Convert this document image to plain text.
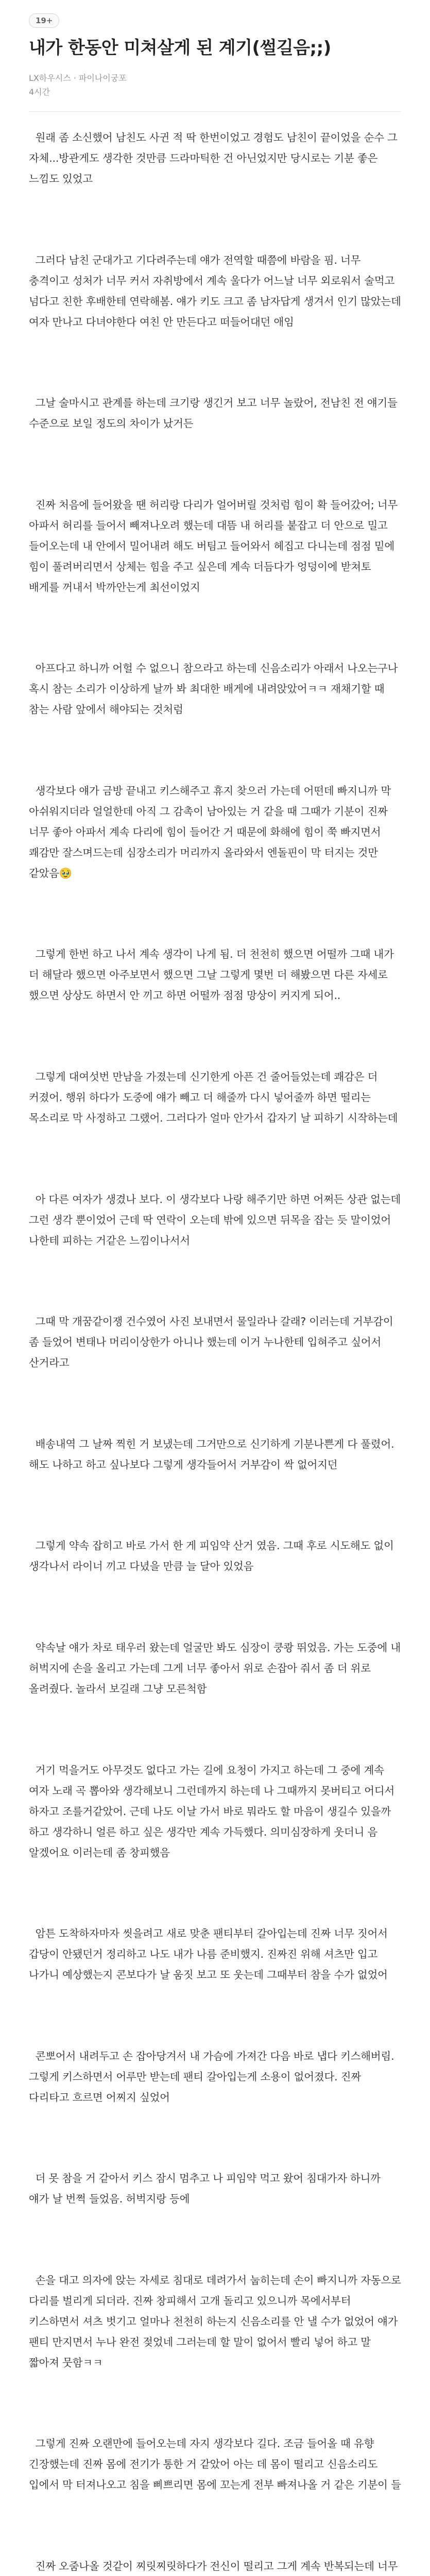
19+
내가 한동안 미쳐살게 된 계기(썰길음;;)
LX하우시스 · 파이나이궁포
4시간

원래 좀 소신했어 남친도 사귄 적 딱 한번이었고 경험도 남친이 끝이었을 순수 그 자체...방관게도 생각한 것만큼 드라마틱한 건 아닌었지만 당시로는 기분 좋은 느낌도 있었고

그러다 남친 군대가고 기다려주는데 얘가 전역할 때쯤에 바람을 핌. 너무 충격이고 성처가 너무 커서 자취방에서 계속 울다가 어느날 너무 외로워서 술먹고 넘다고 친한 후배한테 연락해봄. 얘가 키도 크고 좀 남자답게 생겨서 인기 많았는데 여자 만나고 다녀야한다 여친 안 만든다고 떠들어대던 애임

그날 술마시고 관계를 하는데 크기랑 생긴거 보고 너무 놀랐어, 전남친 전 얘기들 수준으로 보일 정도의 차이가 났거든

진짜 처음에 들어왔을 땐 허리랑 다리가 얼어버릴 것처럼 힘이 확 들어갔어; 너무 아파서 허리를 들어서 빼져나오려 했는데 대뜸 내 허리를 붙잡고 더 안으로 밀고 들어오는데 내 안에서 밀어내려 해도 버팀고 들어와서 헤집고 다니는데 점점 밑에 힘이 풀려버리면서 상체는 힘을 주고 싶은데 계속 더듬다가 엉덩이에 받쳐토 배게를 꺼내서 박까안는게 최선이었지

아프다고 하니까 어헐 수 없으니 참으라고 하는데 신음소리가 아래서 나오는구나 혹시 참는 소리가 이상하게 날까 봐 최대한 배게에 내려앉았어ㅋㅋ 재채기할 때 참는 사람 앞에서 해야되는 것처럼

생각보다 얘가 금방 끝내고 키스해주고 휴지 찾으러 가는데 어떤데 빠지니까 막 아쉬워지더라 얼얼한데 아직 그 감촉이 남아있는 거 같을 때 그때가 기분이 진짜 너무 좋아 아파서 계속 다리에 힘이 들어간 거 때문에 화해에 힘이 쭉 빠지면서 쾌감만 잘스며드는데 심장소리가 머리까지 올라와서 엔돌핀이 막 터지는 것만 같았음🥹

그렇게 한번 하고 나서 계속 생각이 나게 됨. 더 천천히 했으면 어떨까 그때 내가 더 해달라 했으면 아주보면서 했으면 그날 그렇게 몇번 더 해봤으면 다른 자세로 했으면 상상도 하면서 안 끼고 하면 어떨까 점점 망상이 커지게 되어..

그렇게 대여섯번 만남을 가졌는데 신기한게 아픈 건 줄어들었는데 쾌감은 더 커졌어. 행위 하다가 도중에 얘가 빼고 더 해줄까 다시 넣어줄까 하면 떨리는 목소리로 막 사정하고 그랬어. 그러다가 얼마 안가서 갑자기 날 피하기 시작하는데

아 다른 여자가 생겼나 보다. 이 생각보다 나랑 해주기만 하면 어쩌든 상관 없는데 그런 생각 뿐이었어 근데 딱 연락이 오는데 밖에 있으면 뒤목을 잡는 듯 말이었어 나한테 피하는 거같은 느낌이나서서

그때 막 개꿈같이쟁 건수였어 사진 보내면서 물일라나 갈래? 이러는데 거부감이 좀 들었어 변태나 머리이상한가 아니나 했는데 이거 누나한테 입혀주고 싶어서 산거라고

배송내역 그 날짜 찍힌 거 보냈는데 그거만으로 신기하게 기분나쁜게 다 풀렸어. 해도 나하고 하고 싶나보다 그렇게 생각들어서 거부감이 싹 없어지던

그렇게 약속 잡히고 바로 가서 한 게 피임약 산거 였음. 그때 후로 시도해도 없이 생각나서 라이너 끼고 다녔을 만큼 늘 달아 있었음

약속날 얘가 차로 태우러 왔는데 얼굴만 봐도 심장이 쿵쾅 뛰었음. 가는 도중에 내 허벅지에 손을 올리고 가는데 그게 너무 좋아서 위로 손잡아 줘서 좀 더 위로 올려줬다. 놀라서 보길래 그냥 모른척함

거기 먹을거도 아무것도 없다고 가는 길에 요청이 가지고 하는데 그 중에 계속 여자 노래 곡 뽑아와 생각해보니 그런데까지 하는데 나 그때까지 못버티고 어디서 하자고 조를거같았어. 근데 나도 이날 가서 바로 뭐라도 할 마음이 생길수 있을까 하고 생각하니 얼른 하고 싶은 생각만 계속 가득했다. 의미심장하게 웃더니 음 알겠어요 이러는데 좀 창피했음

암튼 도착하자마자 씻을려고 새로 맞춘 팬티부터 갈아입는데 진짜 너무 짓어서 갑당이 안됐던거 정리하고 나도 내가 나름 준비했지. 진짜진 위해 셔츠만 입고 나가니 예상했는지 콘보다가 날 움짓 보고 또 웃는데 그때부터 참을 수가 없었어

콘뽀어서 내려두고 손 잡아당겨서 내 가슴에 가져간 다음 바로 냅다 키스해버림. 그렇게 키스하면서 어루만 받는데 팬티 갈아입는게 소용이 없어졌다. 진짜 다리타고 흐르면 어찌지 싶었어

더 못 참을 거 같아서 키스 잠시 멈추고 나 피임약 먹고 왔어 침대가자 하니까 얘가 날 번쩍 들었음. 허벅지랑 등에

손을 대고 의자에 앉는 자세로 침대로 데려가서 눕히는데 손이 빠지니까 자동으로 다리를 벌리게 되더라. 진짜 창피해서 고개 돌리고 있으니까 목에서부터 키스하면서 셔츠 벗기고 얼마나 천천히 하는지 신음소리를 안 낼 수가 없었어 얘가 팬티 만지면서 누나 완전 젖었네 그러는데 할 말이 없어서 빨리 넣어 하고 말 짧아져 뭇함ㅋㅋ

그렇게 진짜 오랜만에 들어오는데 자지 생각보다 길다. 조금 들어올 때 유향 긴장했는데 진짜 몸에 전기가 통한 거 같았어 아는 데 몸이 떨리고 신음소리도 입에서 막 터져나오고 침을 삐쁘리면 몸에 꼬는게 전부 빠져나올 거 같은 기분이 들

진짜 오줌나올 것같이 찌릿찌릿하다가 전신이 떨리고 그게 계속 반복되는데 너무
